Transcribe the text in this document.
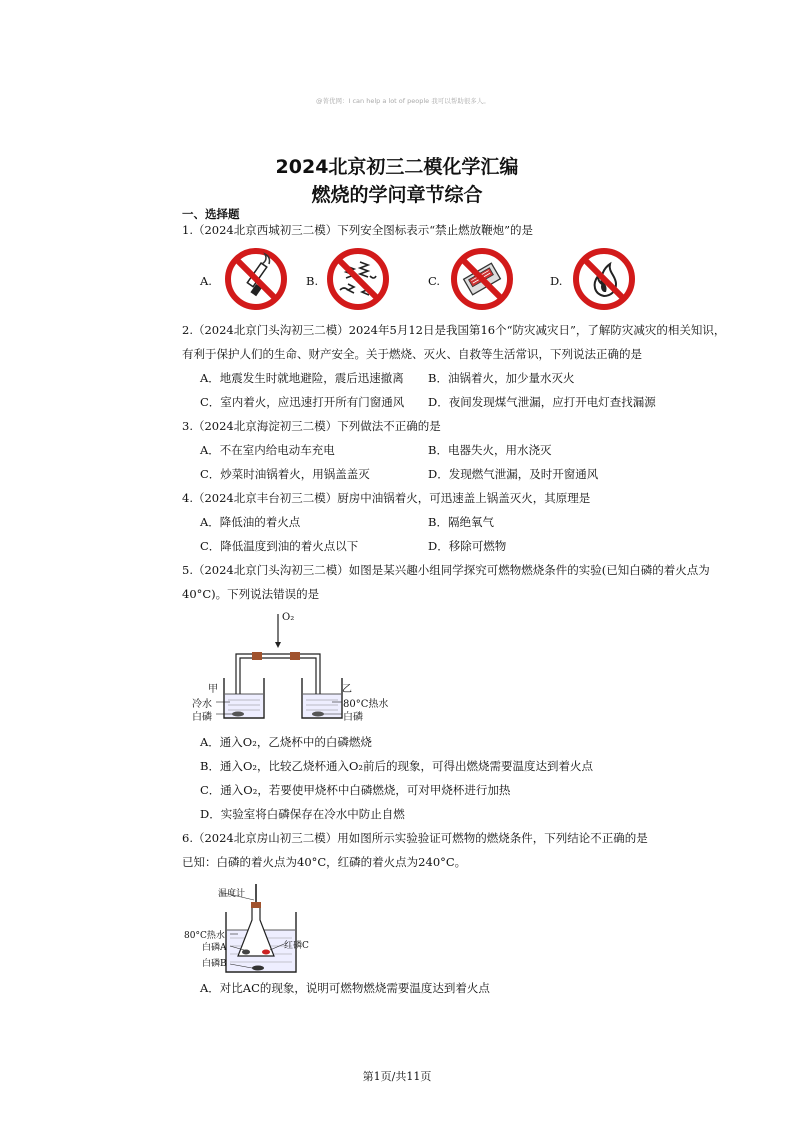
@菁优网：I can help a lot of people 我可以帮助很多人。
2024北京初三二模化学汇编
燃烧的学问章节综合
一、选择题
1.（2024北京西城初三二模）下列安全图标表示“禁止燃放鞭炮”的是
A.	B.	C.	D.
2.（2024北京门头沟初三二模）2024年5月12日是我国第16个“防灾减灾日”，了解防灾减灾的相关知识，
有利于保护人们的生命、财产安全。关于燃烧、灭火、自救等生活常识，下列说法正确的是
A．地震发生时就地避险，震后迅速撤离 B．油锅着火，加少量水灭火
C．室内着火，应迅速打开所有门窗通风 D．夜间发现煤气泄漏，应打开电灯查找漏源
3.（2024北京海淀初三二模）下列做法不正确的是
A．不在室内给电动车充电	B．电器失火，用水浇灭
C．炒菜时油锅着火，用锅盖盖灭	D．发现燃气泄漏，及时开窗通风
4.（2024北京丰台初三二模）厨房中油锅着火，可迅速盖上锅盖灭火，其原理是
A．降低油的着火点	B．隔绝氧气
C．降低温度到油的着火点以下	D．移除可燃物
5.（2024北京门头沟初三二模）如图是某兴趣小组同学探究可燃物燃烧条件的实验(已知白磷的着火点为
40°C)。下列说法错误的是
O₂
甲	乙
冷水	80°C热水
白磷	白磷
A．通入O₂，乙烧杯中的白磷燃烧
B．通入O₂，比较乙烧杯通入O₂前后的现象，可得出燃烧需要温度达到着火点
C．通入O₂，若要使甲烧杯中白磷燃烧，可对甲烧杯进行加热
D．实验室将白磷保存在冷水中防止自燃
6.（2024北京房山初三二模）用如图所示实验验证可燃物的燃烧条件，下列结论不正确的是
已知：白磷的着火点为40°C，红磷的着火点为240°C。
温度计
80°C热水
白磷A	红磷C
白磷B
A．对比AC的现象，说明可燃物燃烧需要温度达到着火点
第1页/共11页
